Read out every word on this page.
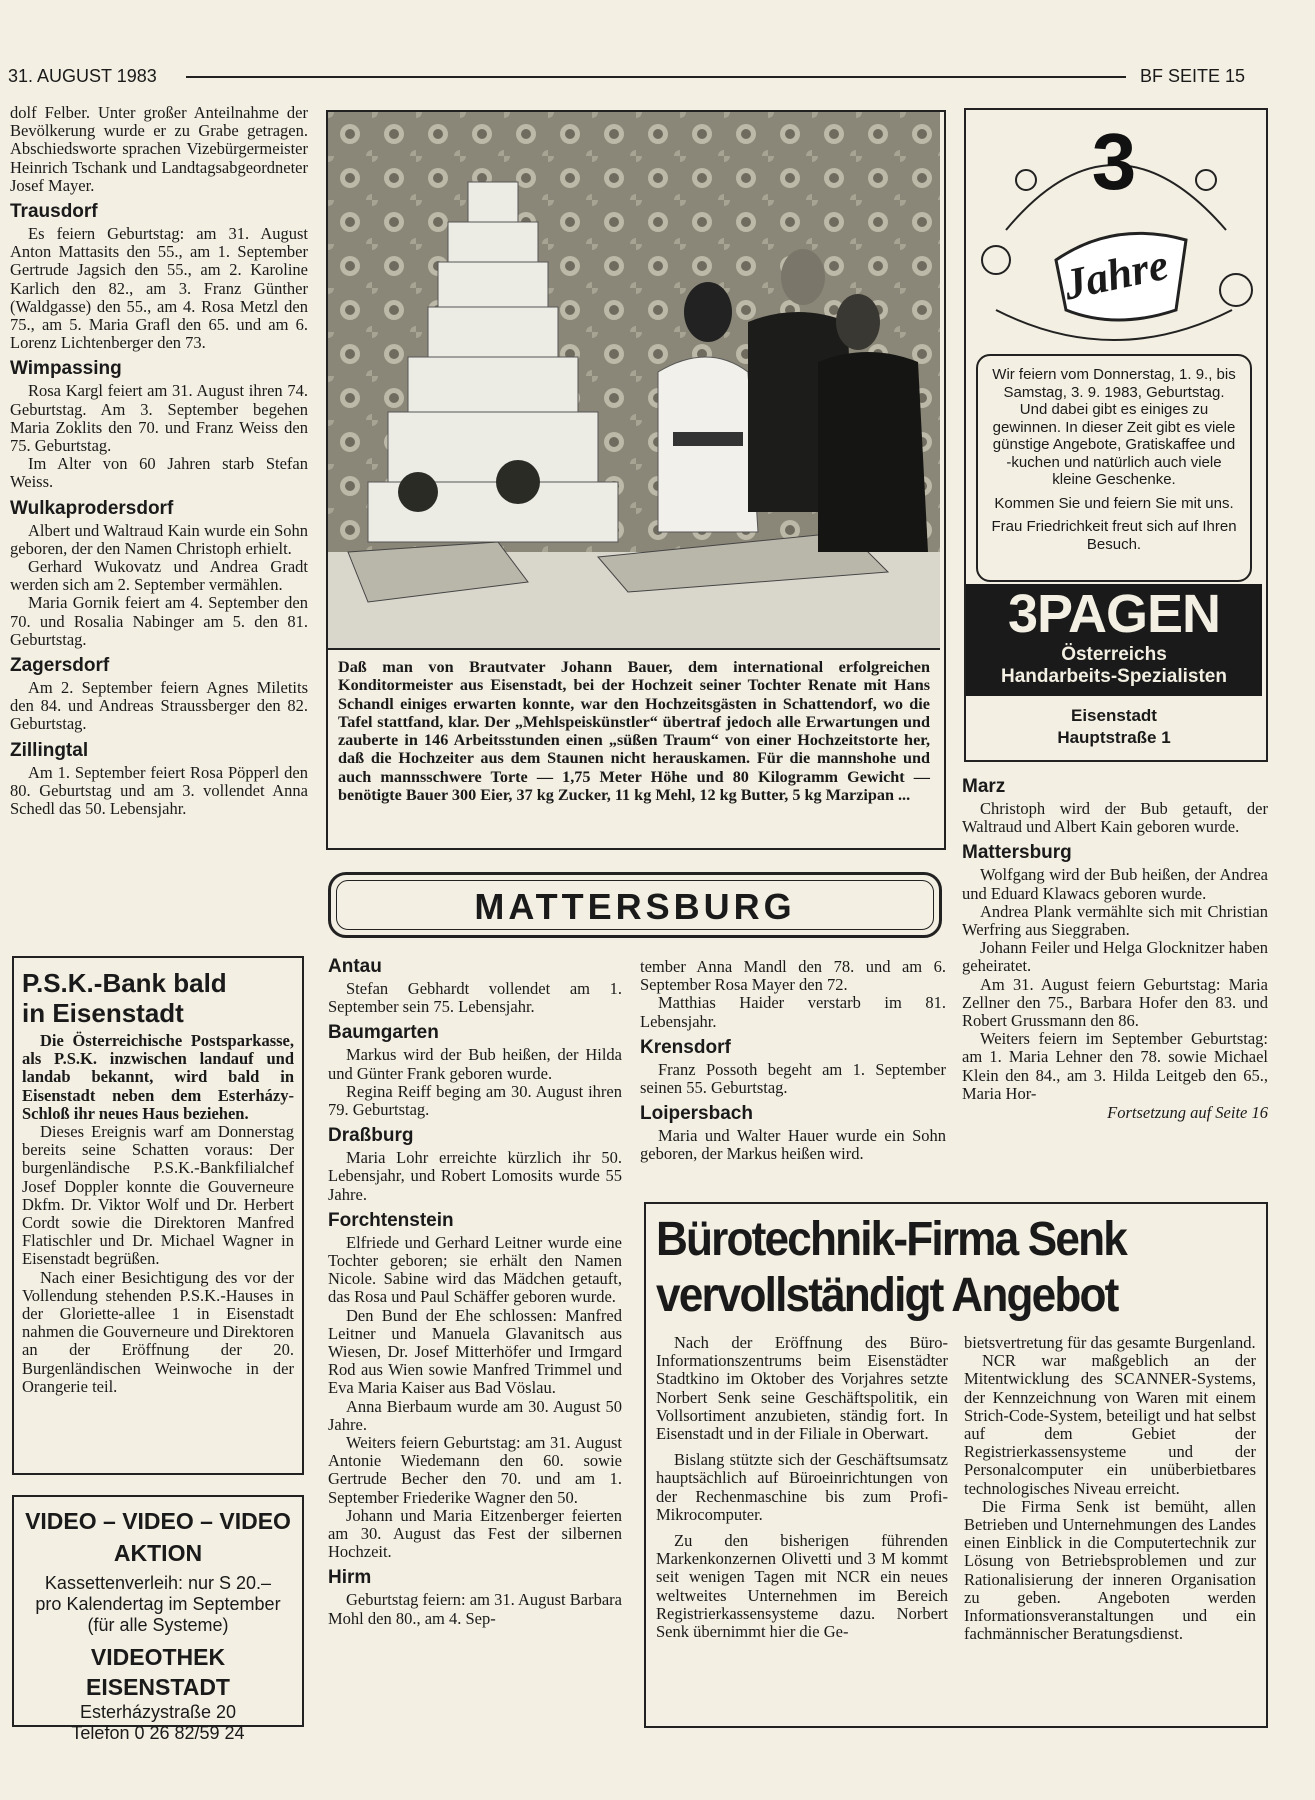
31. AUGUST 1983	BF SEITE 15

dolf Felber. Unter großer Anteilnahme der Bevölkerung wurde er zu Grabe getragen. Abschiedsworte sprachen Vizebürgermeister Heinrich Tschank und Landtagsabgeordneter Josef Mayer.

Trausdorf

Es feiern Geburtstag: am 31. August Anton Mattasits den 55., am 1. September Gertrude Jagsich den 55., am 2. Karoline Karlich den 82., am 3. Franz Günther (Waldgasse) den 55., am 4. Rosa Metzl den 75., am 5. Maria Grafl den 65. und am 6. Lorenz Lichtenberger den 73.

Wimpassing

Rosa Kargl feiert am 31. August ihren 74. Geburtstag. Am 3. September begehen Maria Zoklits den 70. und Franz Weiss den 75. Geburtstag.

Im Alter von 60 Jahren starb Stefan Weiss.

Wulkaprodersdorf

Albert und Waltraud Kain wurde ein Sohn geboren, der den Namen Christoph erhielt.

Gerhard Wukovatz und Andrea Gradt werden sich am 2. September vermählen.

Maria Gornik feiert am 4. September den 70. und Rosalia Nabinger am 5. den 81. Geburtstag.

Zagersdorf

Am 2. September feiern Agnes Miletits den 84. und Andreas Straussberger den 82. Geburtstag.

Zillingtal

Am 1. September feiert Rosa Pöpperl den 80. Geburtstag und am 3. vollendet Anna Schedl das 50. Lebensjahr.

P.S.K.-Bank bald
in Eisenstadt

Die Österreichische Postsparkasse, als P.S.K. inzwischen landauf und landab bekannt, wird bald in Eisenstadt neben dem Esterházy-Schloß ihr neues Haus beziehen.

Dieses Ereignis warf am Donnerstag bereits seine Schatten voraus: Der burgenländische P.S.K.-Bankfilialchef Josef Doppler konnte die Gouverneure Dkfm. Dr. Viktor Wolf und Dr. Herbert Cordt sowie die Direktoren Manfred Flatischler und Dr. Michael Wagner in Eisenstadt begrüßen.

Nach einer Besichtigung des vor der Vollendung stehenden P.S.K.-Hauses in der Gloriette-allee 1 in Eisenstadt nahmen die Gouverneure und Direktoren an der Eröffnung der 20. Burgenländischen Weinwoche in der Orangerie teil.

VIDEO – VIDEO – VIDEO
AKTION
Kassettenverleih: nur S 20.–
pro Kalendertag im September
(für alle Systeme)
VIDEOTHEK EISENSTADT
Esterházystraße 20
Telefon 0 26 82/59 24

Daß man von Brautvater Johann Bauer, dem international erfolgreichen Konditormeister aus Eisenstadt, bei der Hochzeit seiner Tochter Renate mit Hans Schandl einiges erwarten konnte, war den Hochzeitsgästen in Schattendorf, wo die Tafel stattfand, klar. Der „Mehlspeiskünstler“ übertraf jedoch alle Erwartungen und zauberte in 146 Arbeitsstunden einen „süßen Traum“ von einer Hochzeitstorte her, daß die Hochzeiter aus dem Staunen nicht herauskamen. Für die mannshohe und auch mannsschwere Torte — 1,75 Meter Höhe und 80 Kilogramm Gewicht — benötigte Bauer 300 Eier, 37 kg Zucker, 11 kg Mehl, 12 kg Butter, 5 kg Marzipan ...

3
Jahre
Wir feiern vom Donnerstag, 1. 9., bis Samstag, 3. 9. 1983, Geburtstag. Und dabei gibt es einiges zu gewinnen. In dieser Zeit gibt es viele günstige Angebote, Gratiskaffee und -kuchen und natürlich auch viele kleine Geschenke.
Kommen Sie und feiern Sie mit uns.
Frau Friedrichkeit freut sich auf Ihren Besuch.
3PAGEN
Österreichs
Handarbeits-Spezialisten
Eisenstadt
Hauptstraße 1
MATTERSBURG
Antau

Stefan Gebhardt vollendet am 1. September sein 75. Lebensjahr.

Baumgarten

Markus wird der Bub heißen, der Hilda und Günter Frank geboren wurde.

Regina Reiff beging am 30. August ihren 79. Geburtstag.

Draßburg

Maria Lohr erreichte kürzlich ihr 50. Lebensjahr, und Robert Lomosits wurde 55 Jahre.

Forchtenstein

Elfriede und Gerhard Leitner wurde eine Tochter geboren; sie erhält den Namen Nicole. Sabine wird das Mädchen getauft, das Rosa und Paul Schäffer geboren wurde.

Den Bund der Ehe schlossen: Manfred Leitner und Manuela Glavanitsch aus Wiesen, Dr. Josef Mitterhöfer und Irmgard Rod aus Wien sowie Manfred Trimmel und Eva Maria Kaiser aus Bad Vöslau.

Anna Bierbaum wurde am 30. August 50 Jahre.

Weiters feiern Geburtstag: am 31. August Antonie Wiedemann den 60. sowie Gertrude Becher den 70. und am 1. September Friederike Wagner den 50.

Johann und Maria Eitzenberger feierten am 30. August das Fest der silbernen Hochzeit.

Hirm

Geburtstag feiern: am 31. August Barbara Mohl den 80., am 4. Sep-

tember Anna Mandl den 78. und am 6. September Rosa Mayer den 72.

Matthias Haider verstarb im 81. Lebensjahr.

Krensdorf

Franz Possoth begeht am 1. September seinen 55. Geburtstag.

Loipersbach

Maria und Walter Hauer wurde ein Sohn geboren, der Markus heißen wird.

Marz

Christoph wird der Bub getauft, der Waltraud und Albert Kain geboren wurde.

Mattersburg

Wolfgang wird der Bub heißen, der Andrea und Eduard Klawacs geboren wurde.

Andrea Plank vermählte sich mit Christian Werfring aus Sieggraben.

Johann Feiler und Helga Glocknitzer haben geheiratet.

Am 31. August feiern Geburtstag: Maria Zellner den 75., Barbara Hofer den 83. und Robert Grussmann den 86.

Weiters feiern im September Geburtstag: am 1. Maria Lehner den 78. sowie Michael Klein den 84., am 3. Hilda Leitgeb den 65., Maria Hor-

Fortsetzung auf Seite 16
Bürotechnik-Firma Senk
vervollständigt Angebot

Nach der Eröffnung des Büro-Informationszentrums beim Eisenstädter Stadtkino im Oktober des Vorjahres setzte Norbert Senk seine Geschäftspolitik, ein Vollsortiment anzubieten, ständig fort. In Eisenstadt und in der Filiale in Oberwart.

Bislang stützte sich der Geschäftsumsatz hauptsächlich auf Büroeinrichtungen von der Rechenmaschine bis zum Profi-Mikrocomputer.

Zu den bisherigen führenden Markenkonzernen Olivetti und 3 M kommt seit wenigen Tagen mit NCR ein neues weltweites Unternehmen im Bereich Registrierkassensysteme dazu. Norbert Senk übernimmt hier die Ge-

bietsvertretung für das gesamte Burgenland.

NCR war maßgeblich an der Mitentwicklung des SCANNER-Systems, der Kennzeichnung von Waren mit einem Strich-Code-System, beteiligt und hat selbst auf dem Gebiet der Registrierkassensysteme und der Personalcomputer ein unüberbietbares technologisches Niveau erreicht.

Die Firma Senk ist bemüht, allen Betrieben und Unternehmungen des Landes einen Einblick in die Computertechnik zur Lösung von Betriebsproblemen und zur Rationalisierung der inneren Organisation zu geben. Angeboten werden Informationsveranstaltungen und ein fachmännischer Beratungsdienst.
